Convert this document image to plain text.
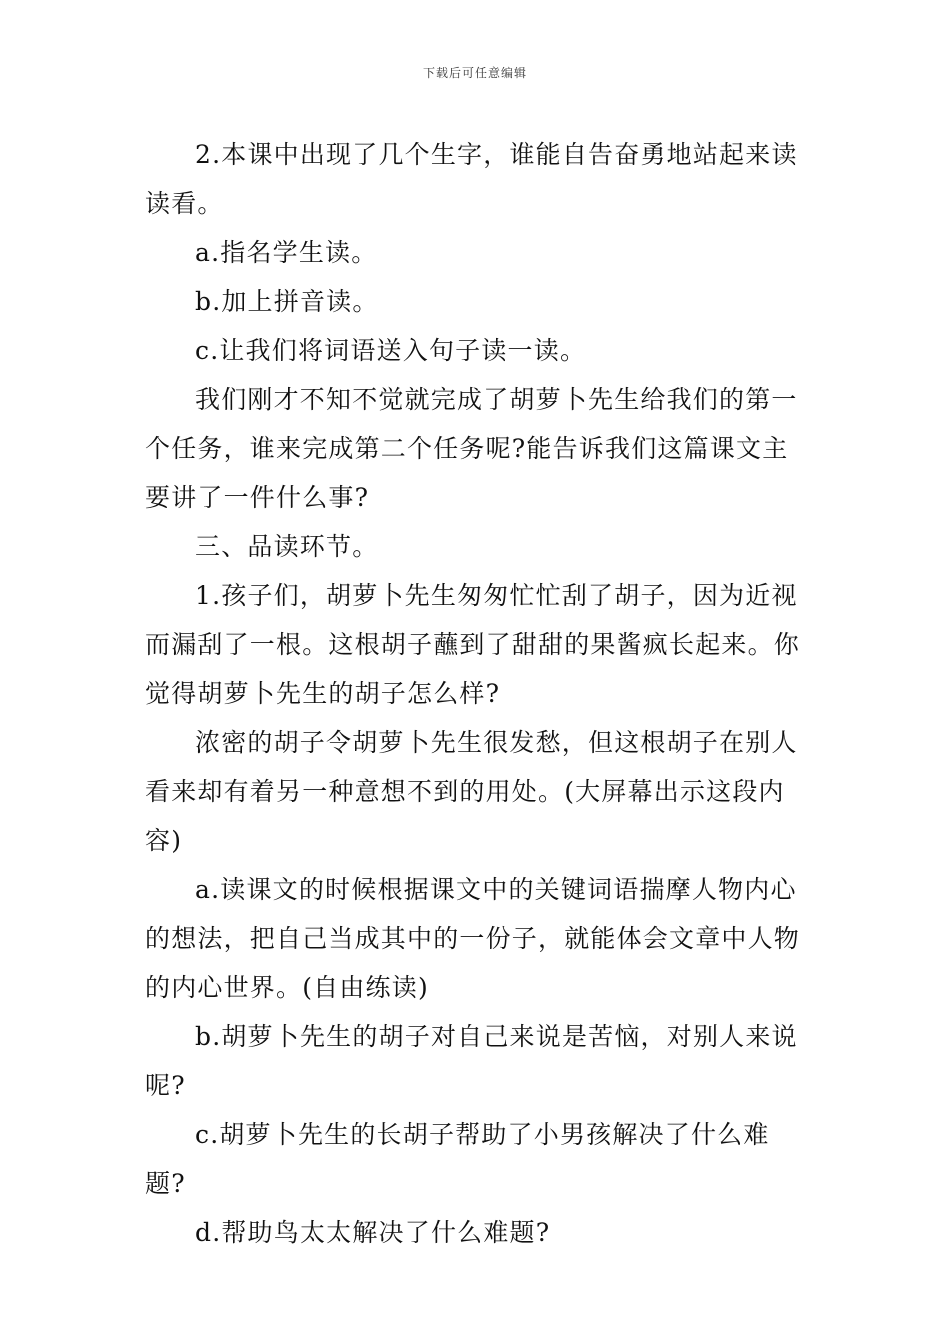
下载后可任意编辑

2.本课中出现了几个生字，谁能自告奋勇地站起来读读看。

a.指名学生读。

b.加上拼音读。

c.让我们将词语送入句子读一读。

我们刚才不知不觉就完成了胡萝卜先生给我们的第一个任务，谁来完成第二个任务呢?能告诉我们这篇课文主要讲了一件什么事?

三、品读环节。

1.孩子们，胡萝卜先生匆匆忙忙刮了胡子，因为近视而漏刮了一根。这根胡子蘸到了甜甜的果酱疯长起来。你觉得胡萝卜先生的胡子怎么样?

浓密的胡子令胡萝卜先生很发愁，但这根胡子在别人看来却有着另一种意想不到的用处。(大屏幕出示这段内容)

a.读课文的时候根据课文中的关键词语揣摩人物内心的想法，把自己当成其中的一份子，就能体会文章中人物的内心世界。(自由练读)

b.胡萝卜先生的胡子对自己来说是苦恼，对别人来说呢?

c.胡萝卜先生的长胡子帮助了小男孩解决了什么难题?

d.帮助鸟太太解决了什么难题?
